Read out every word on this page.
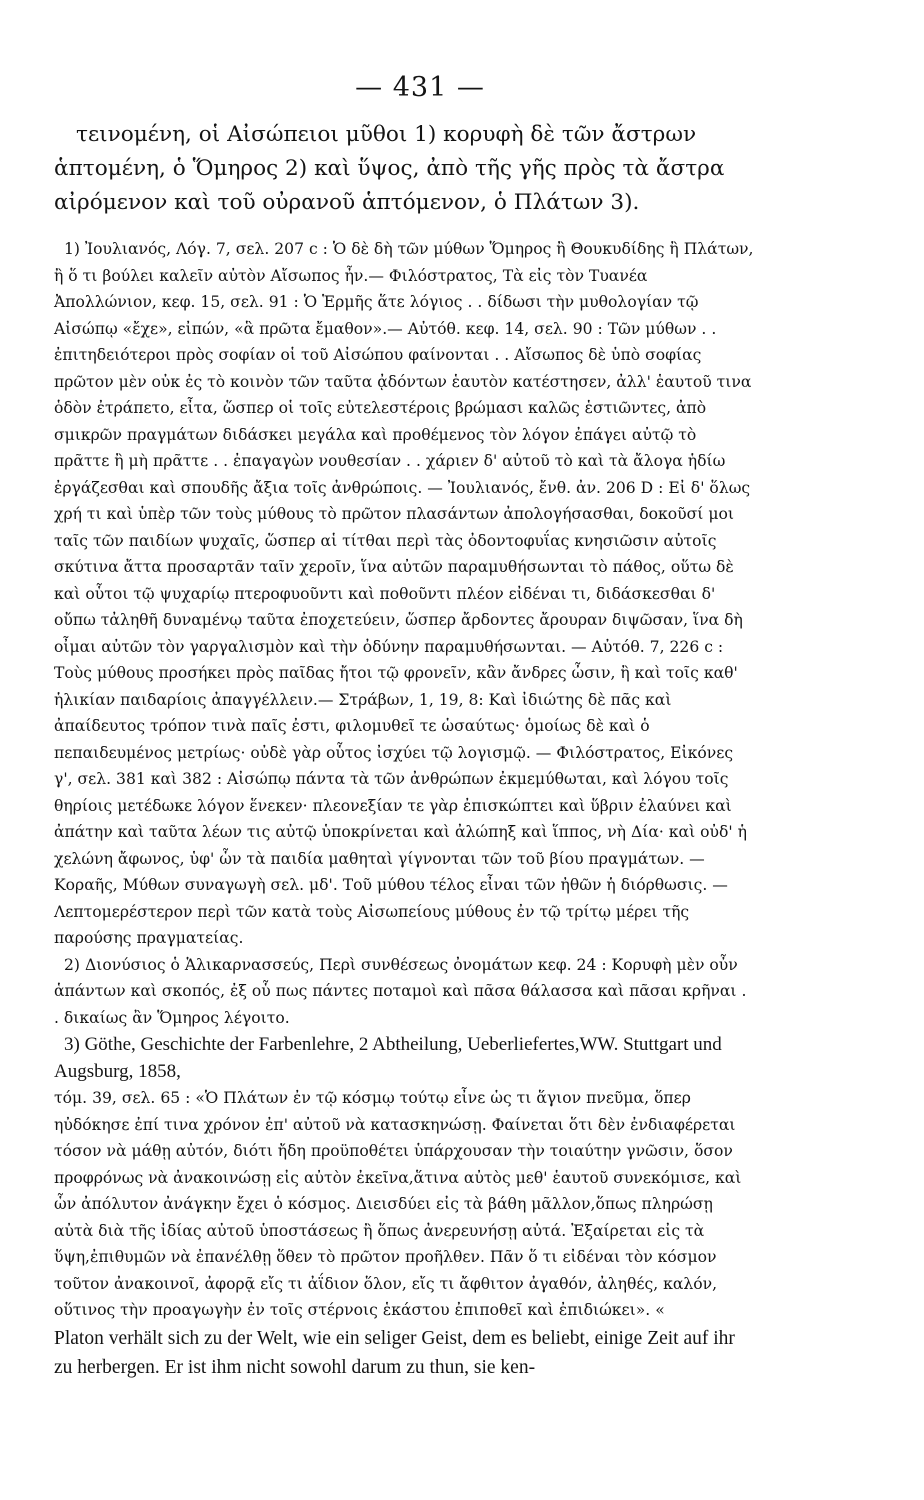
— 431 —

τεινομένη, οἱ Αἰσώπειοι μῦθοι 1) κορυφὴ δὲ τῶν ἄστρων ἁπτομένη, ὁ Ὅμηρος 2) καὶ ὕψος, ἀπὸ τῆς γῆς πρὸς τὰ ἄστρα αἰρόμενον καὶ τοῦ οὐρανοῦ ἁπτόμενον, ὁ Πλάτων 3).

1) Ἰουλιανός, Λόγ. 7, σελ. 207 c : Ὁ δὲ δὴ τῶν μύθων Ὅμηρος ἢ Θουκυδίδης ἢ Πλάτων, ἢ ὅ τι βούλει καλεῖν αὐτὸν Αἴσωπος ἦν.— Φιλόστρατος, Τὰ εἰς τὸν Τυανέα Ἀπολλώνιον, κεφ. 15, σελ. 91 : Ὁ Ἑρμῆς ἅτε λόγιος . . δίδωσι τὴν μυθολογίαν τῷ Αἰσώπῳ «ἔχε», εἰπών, «ἃ πρῶτα ἔμαθον».— Αὐτόθ. κεφ. 14, σελ. 90 : Τῶν μύθων . . ἐπιτηδειότεροι πρὸς σοφίαν οἱ τοῦ Αἰσώπου φαίνονται . . Αἴσωπος δὲ ὑπὸ σοφίας πρῶτον μὲν οὐκ ἐς τὸ κοινὸν τῶν ταῦτα ᾀδόντων ἑαυτὸν κατέστησεν, ἀλλ' ἑαυτοῦ τινα ὁδὸν ἐτράπετο, εἶτα, ὥσπερ οἱ τοῖς εὐτελεστέροις βρώμασι καλῶς ἑστιῶντες, ἀπὸ σμικρῶν πραγμάτων διδάσκει μεγάλα καὶ προθέμενος τὸν λόγον ἐπάγει αὐτῷ τὸ πρᾶττε ἢ μὴ πρᾶττε . . ἐπαγαγὼν νουθεσίαν . . χάριεν δ' αὐτοῦ τὸ καὶ τὰ ἄλογα ἡδίω ἐργάζεσθαι καὶ σπουδῆς ἄξια τοῖς ἀνθρώποις. — Ἰουλιανός, ἔνθ. ἀν. 206 D : Εἰ δ' ὅλως χρή τι καὶ ὑπὲρ τῶν τοὺς μύθους τὸ πρῶτον πλασάντων ἀπολογήσασθαι, δοκοῦσί μοι ταῖς τῶν παιδίων ψυχαῖς, ὥσπερ αἱ τίτθαι περὶ τὰς ὀδοντοφυΐας κνησιῶσιν αὐτοῖς σκύτινα ἄττα προσαρτᾶν ταῖν χεροῖν, ἵνα αὐτῶν παραμυθήσωνται τὸ πάθος, οὕτω δὲ καὶ οὗτοι τῷ ψυχαρίῳ πτεροφυοῦντι καὶ ποθοῦντι πλέον εἰδέναι τι, διδάσκεσθαι δ' οὔπω τἀληθῆ δυναμένῳ ταῦτα ἐποχετεύειν, ὥσπερ ἄρδοντες ἄρουραν διψῶσαν, ἵνα δὴ οἶμαι αὐτῶν τὸν γαργαλισμὸν καὶ τὴν ὀδύνην παραμυθήσωνται. — Αὐτόθ. 7, 226 c : Τοὺς μύθους προσήκει πρὸς παῖδας ἤτοι τῷ φρονεῖν, κἂν ἄνδρες ὦσιν, ἢ καὶ τοῖς καθ' ἡλικίαν παιδαρίοις ἀπαγγέλλειν.— Στράβων, 1, 19, 8: Καὶ ἰδιώτης δὲ πᾶς καὶ ἀπαίδευτος τρόπον τινὰ παῖς ἐστι, φιλομυθεῖ τε ὡσαύτως· ὁμοίως δὲ καὶ ὁ πεπαιδευμένος μετρίως· οὐδὲ γὰρ οὗτος ἰσχύει τῷ λογισμῷ. — Φιλόστρατος, Εἰκόνες γ', σελ. 381 καὶ 382 : Αἰσώπῳ πάντα τὰ τῶν ἀνθρώπων ἐκμεμύθωται, καὶ λόγου τοῖς θηρίοις μετέδωκε λόγον ἕνεκεν· πλεονεξίαν τε γὰρ ἐπισκώπτει καὶ ὕβριν ἐλαύνει καὶ ἀπάτην καὶ ταῦτα λέων τις αὐτῷ ὑποκρίνεται καὶ ἀλώπηξ καὶ ἵππος, νὴ Δία· καὶ οὐδ' ἡ χελώνη ἄφωνος, ὑφ' ὧν τὰ παιδία μαθηταὶ γίγνονται τῶν τοῦ βίου πραγμάτων. — Κοραῆς, Μύθων συναγωγὴ σελ. μδ'. Τοῦ μύθου τέλος εἶναι τῶν ἠθῶν ἡ διόρθωσις. — Λεπτομερέστερον περὶ τῶν κατὰ τοὺς Αἰσωπείους μύθους ἐν τῷ τρίτῳ μέρει τῆς παρούσης πραγματείας.

2) Διονύσιος ὁ Ἁλικαρνασσεύς, Περὶ συνθέσεως ὀνομάτων κεφ. 24 : Κορυφὴ μὲν οὖν ἁπάντων καὶ σκοπός, ἐξ οὗ πως πάντες ποταμοὶ καὶ πᾶσα θάλασσα καὶ πᾶσαι κρῆναι . . δικαίως ἂν Ὅμηρος λέγοιτο.

3) Göthe, Geschichte der Farbenlehre, 2 Abtheilung, Ueberliefertes,WW. Stuttgart und Augsburg, 1858,

τόμ. 39, σελ. 65 : «Ὁ Πλάτων ἐν τῷ κόσμῳ τούτῳ εἶνε ὡς τι ἅγιον πνεῦμα, ὅπερ ηὐδόκησε ἐπί τινα χρόνον ἐπ' αὐτοῦ νὰ κατασκηνώσῃ. Φαίνεται ὅτι δὲν ἐνδιαφέρεται τόσον νὰ μάθῃ αὐτόν, διότι ἤδη προϋποθέτει ὑπάρχουσαν τὴν τοιαύτην γνῶσιν, ὅσον προφρόνως νὰ ἀνακοινώσῃ εἰς αὐτὸν ἐκεῖνα,ἅτινα αὐτὸς μεθ' ἑαυτοῦ συνεκόμισε, καὶ ὧν ἀπόλυτον ἀνάγκην ἔχει ὁ κόσμος. Διεισδύει εἰς τὰ βάθη μᾶλλον,ὅπως πληρώσῃ αὐτὰ διὰ τῆς ἰδίας αὐτοῦ ὑποστάσεως ἢ ὅπως ἀνερευνήσῃ αὐτά. Ἐξαίρεται εἰς τὰ ὕψη,ἐπιθυμῶν νὰ ἐπανέλθῃ ὅθεν τὸ πρῶτον προῆλθεν. Πᾶν ὅ τι εἰδέναι τὸν κόσμον τοῦτον ἀνακοινοῖ, ἀφορᾷ εἴς τι ἀΐδιον ὅλον, εἴς τι ἄφθιτον ἀγαθόν, ἀληθές, καλόν, οὕτινος τὴν προαγωγὴν ἐν τοῖς στέρνοις ἑκάστου ἐπιποθεῖ καὶ ἐπιδιώκει». «

Platon verhält sich zu der Welt, wie ein seliger Geist, dem es beliebt, einige Zeit auf ihr zu herbergen. Er ist ihm nicht sowohl darum zu thun, sie ken-
